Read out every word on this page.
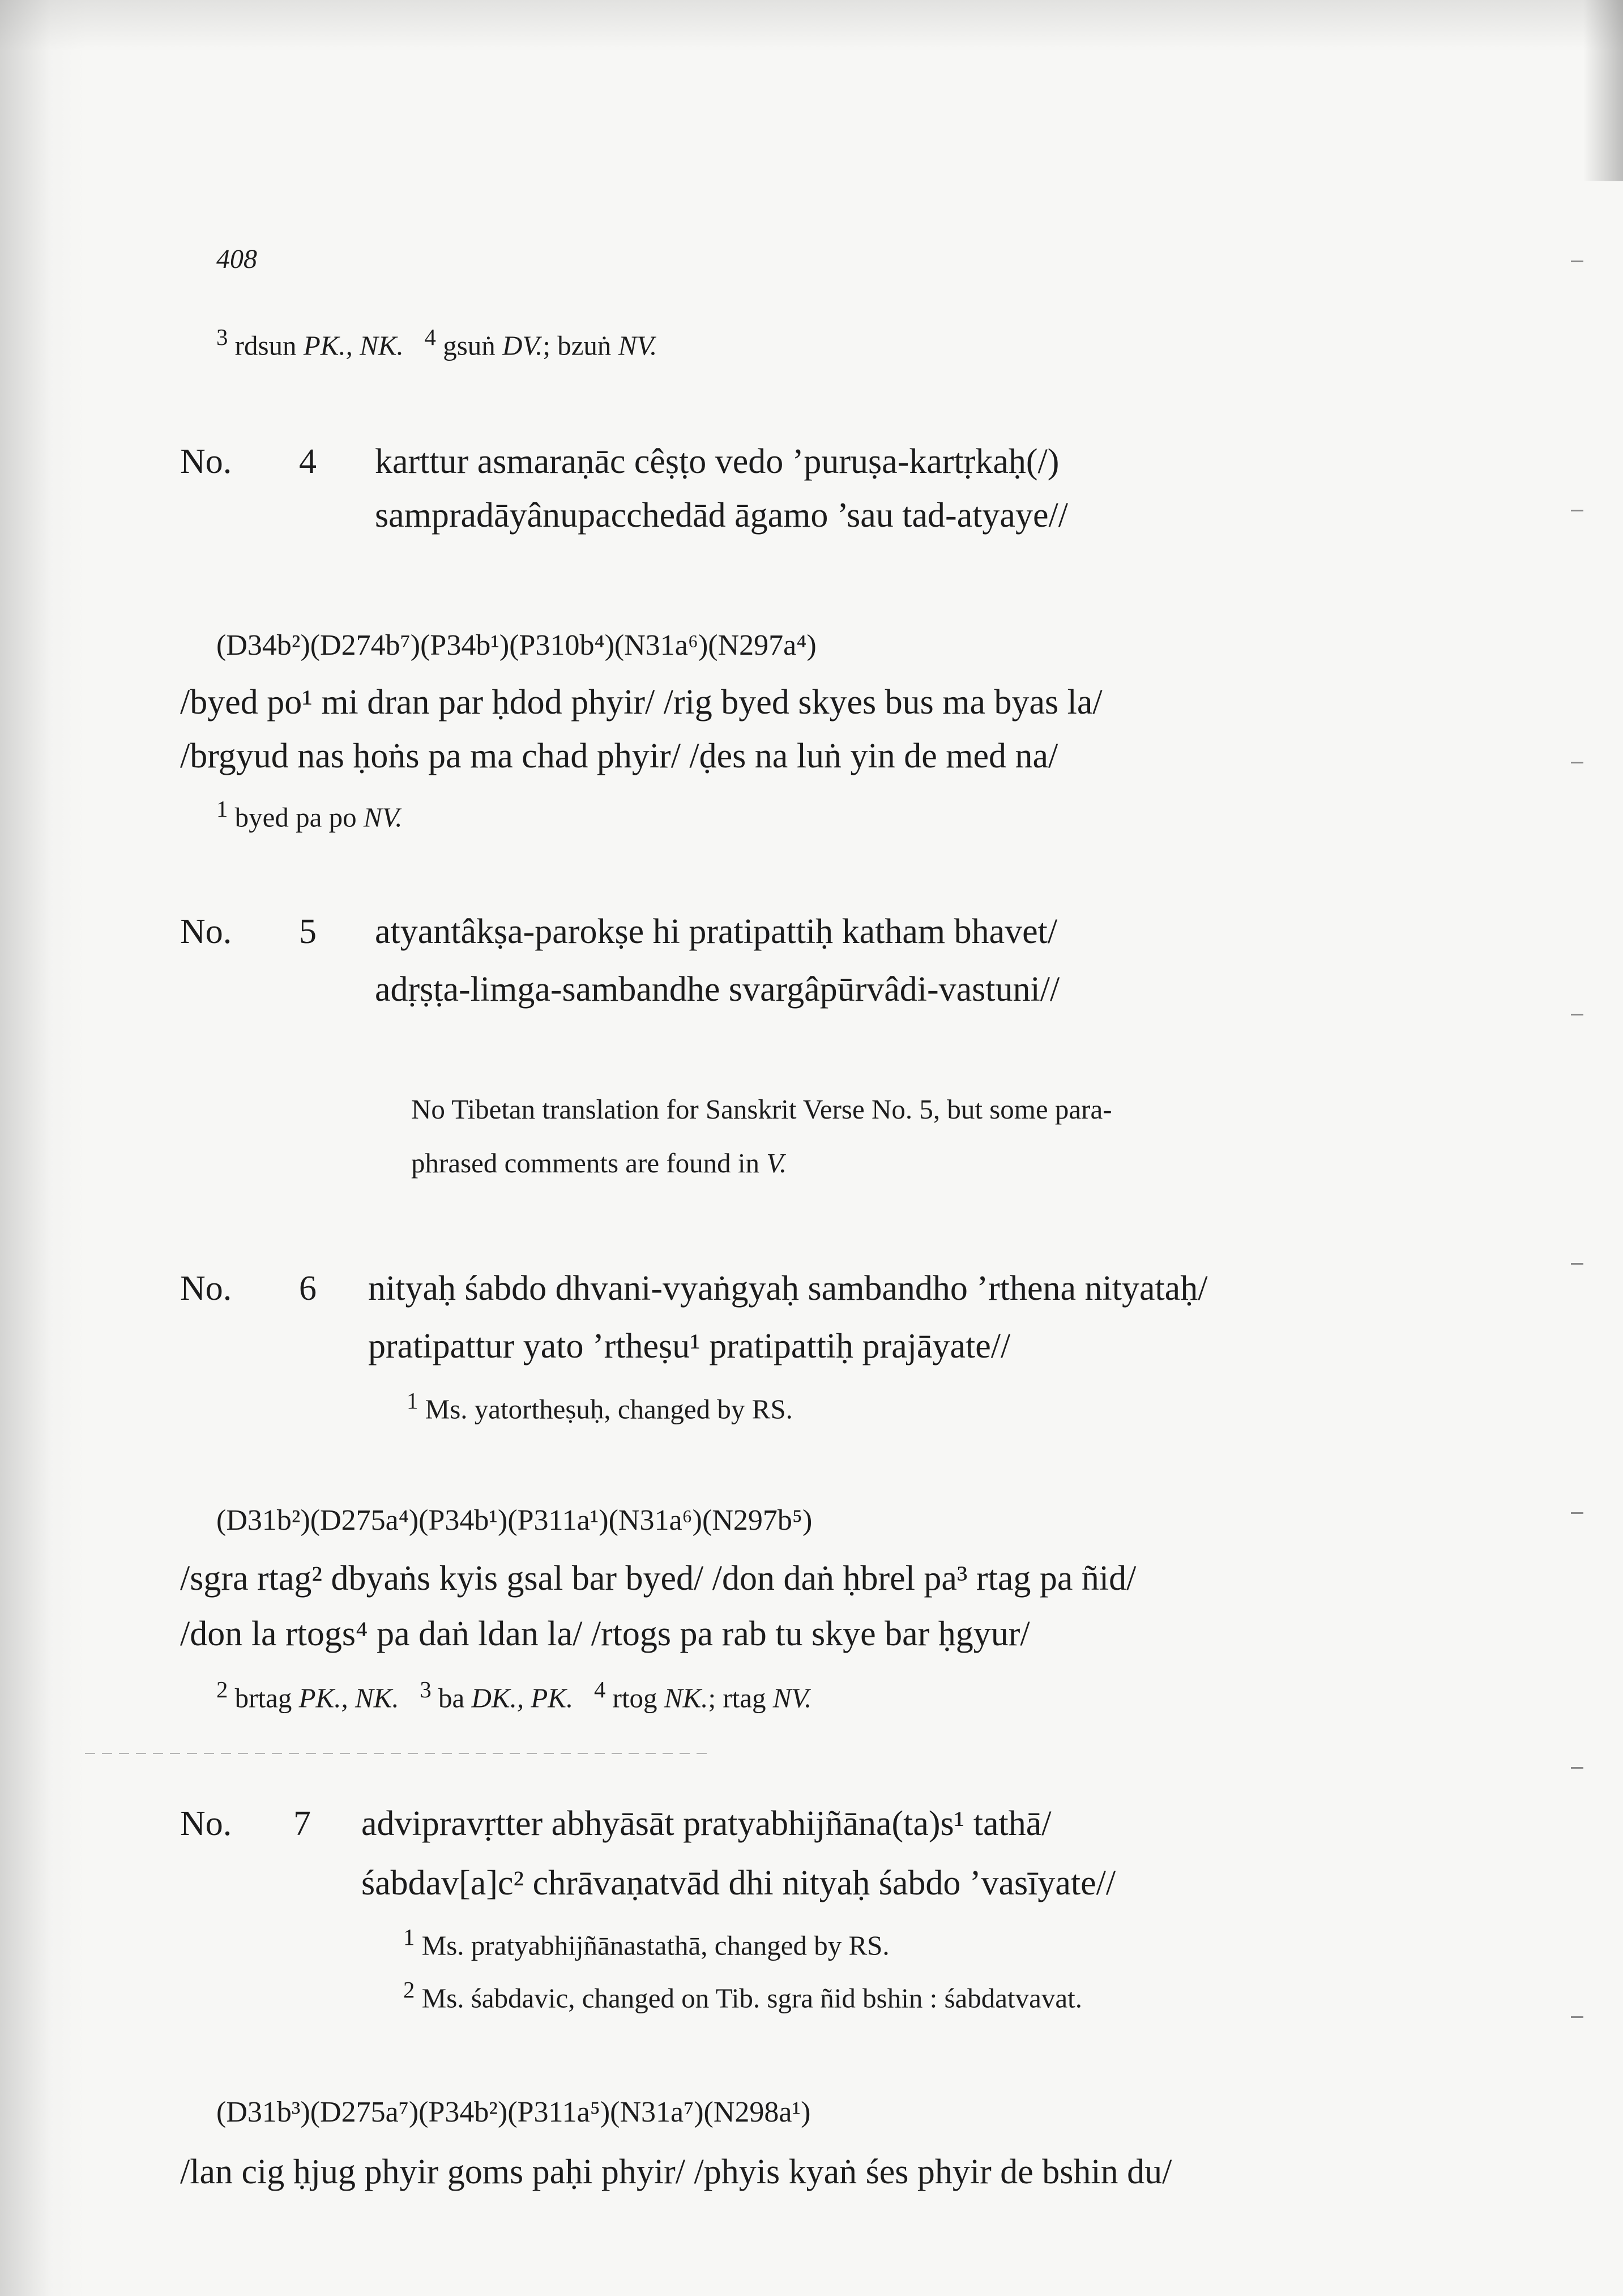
408
$^3$ rdsun PK., NK. $^4$ gsuṅ DV.; bzuṅ NV.
No. 4 karttur asmaraṇāc cêṣṭo vedo ’puruṣa-kartṛkaḥ(/)
sampradāyânupacchedād āgamo ’sau tad-atyaye//
(D34b²)(D274b⁷)(P34b¹)(P310b⁴)(N31a⁶)(N297a⁴)
/byed po¹ mi dran par ḥdod phyir/ /rig byed skyes bus ma byas la/
/brgyud nas ḥoṅs pa ma chad phyir/ /ḍes na luṅ yin de med na/
$^1$ byed pa po NV.
No. 5 atyantâkṣa-parokṣe hi pratipattiḥ katham bhavet/
adṛṣṭa-limga-sambandhe svargâpūrvâdi-vastuni//
No Tibetan translation for Sanskrit Verse No. 5, but some para-
phrased comments are found in V.
No. 6 nityaḥ śabdo dhvani-vyaṅgyaḥ sambandho ’rthena nityataḥ/
pratipattur yato ’rtheṣu¹ pratipattiḥ prajāyate//
$^1$ Ms. yatortheṣuḥ, changed by RS.
(D31b²)(D275a⁴)(P34b¹)(P311a¹)(N31a⁶)(N297b⁵)
/sgra rtag² dbyaṅs kyis gsal bar byed/ /don daṅ ḥbrel pa³ rtag pa ñid/
/don la rtogs⁴ pa daṅ ldan la/ /rtogs pa rab tu skye bar ḥgyur/
$^2$ brtag PK., NK. $^3$ ba DK., PK. $^4$ rtog NK.; rtag NV.
No. 7 advipravṛtter abhyāsāt pratyabhijñāna(ta)s¹ tathā/
śabdav[a]c² chrāvaṇatvād dhi nityaḥ śabdo ’vasīyate//
$^1$ Ms. pratyabhijñānastathā, changed by RS.
$^2$ Ms. śabdavic, changed on Tib. sgra ñid bshin : śabdatvavat.
(D31b³)(D275a⁷)(P34b²)(P311a⁵)(N31a⁷)(N298a¹)
/lan cig ḥjug phyir goms paḥi phyir/ /phyis kyaṅ śes phyir de bshin du/
